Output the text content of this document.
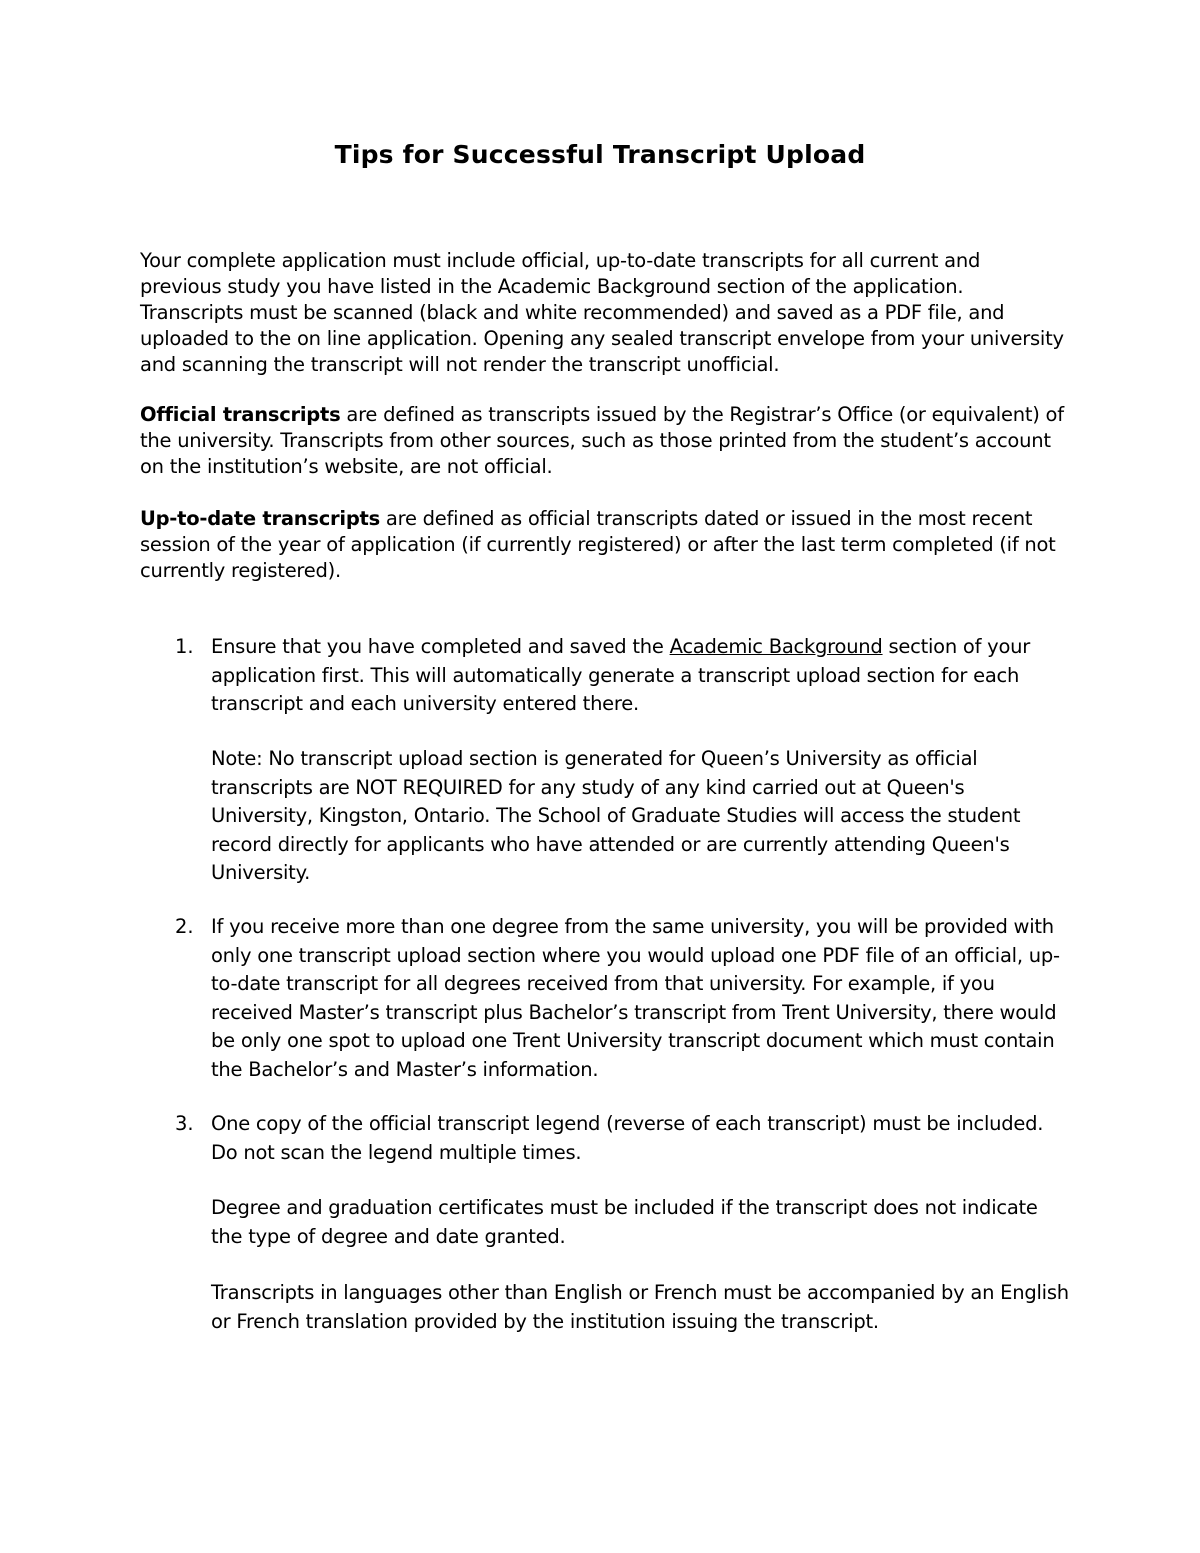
Tips for Successful Transcript Upload
Your complete application must include official, up-to-date transcripts for all current and previous study you have listed in the Academic Background section of the application. Transcripts must be scanned (black and white recommended) and saved as a PDF file, and uploaded to the on line application. Opening any sealed transcript envelope from your university and scanning the transcript will not render the transcript unofficial.
Official transcripts are defined as transcripts issued by the Registrar’s Office (or equivalent) of the university. Transcripts from other sources, such as those printed from the student’s account on the institution’s website, are not official.
Up-to-date transcripts are defined as official transcripts dated or issued in the most recent session of the year of application (if currently registered) or after the last term completed (if not currently registered).
1. Ensure that you have completed and saved the Academic Background section of your application first. This will automatically generate a transcript upload section for each transcript and each university entered there.
Note: No transcript upload section is generated for Queen’s University as official transcripts are NOT REQUIRED for any study of any kind carried out at Queen's University, Kingston, Ontario. The School of Graduate Studies will access the student record directly for applicants who have attended or are currently attending Queen's University.
2. If you receive more than one degree from the same university, you will be provided with only one transcript upload section where you would upload one PDF file of an official, up-to-date transcript for all degrees received from that university. For example, if you received Master’s transcript plus Bachelor’s transcript from Trent University, there would be only one spot to upload one Trent University transcript document which must contain the Bachelor’s and Master’s information.
3. One copy of the official transcript legend (reverse of each transcript) must be included. Do not scan the legend multiple times.
Degree and graduation certificates must be included if the transcript does not indicate the type of degree and date granted.
Transcripts in languages other than English or French must be accompanied by an English or French translation provided by the institution issuing the transcript.
